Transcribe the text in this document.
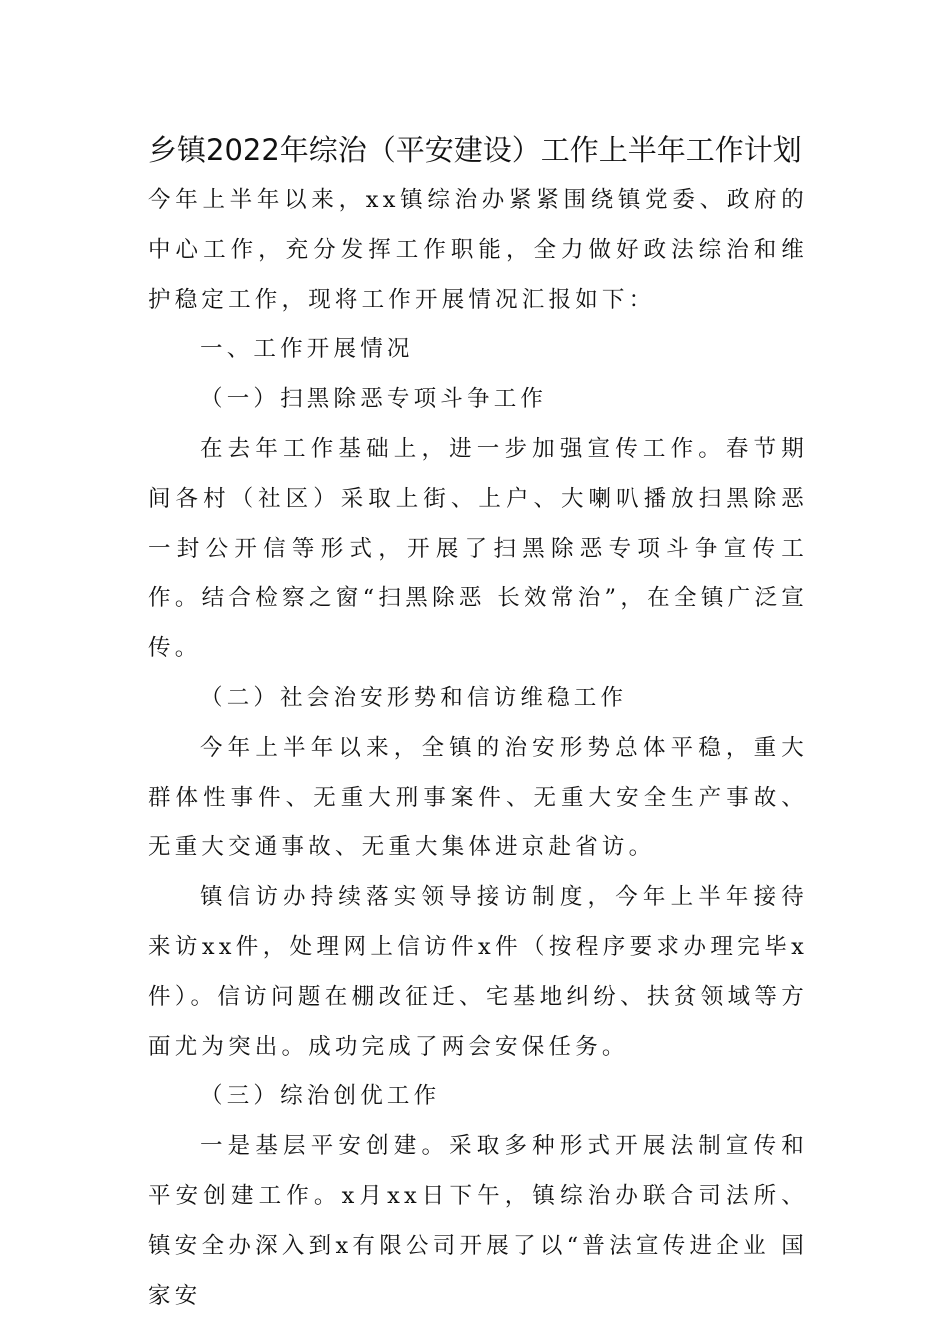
乡镇2022年综治（平安建设）工作上半年工作计划

今年上半年以来，xx镇综治办紧紧围绕镇党委、政府的中心工作，充分发挥工作职能，全力做好政法综治和维护稳定工作，现将工作开展情况汇报如下：

一、工作开展情况

（一）扫黑除恶专项斗争工作

在去年工作基础上，进一步加强宣传工作。春节期间各村（社区）采取上街、上户、大喇叭播放扫黑除恶一封公开信等形式，开展了扫黑除恶专项斗争宣传工作。结合检察之窗“扫黑除恶 长效常治”，在全镇广泛宣传。

（二）社会治安形势和信访维稳工作

今年上半年以来，全镇的治安形势总体平稳，重大群体性事件、无重大刑事案件、无重大安全生产事故、无重大交通事故、无重大集体进京赴省访。

镇信访办持续落实领导接访制度，今年上半年接待来访xx件，处理网上信访件x件（按程序要求办理完毕x件）。信访问题在棚改征迁、宅基地纠纷、扶贫领域等方面尤为突出。成功完成了两会安保任务。

（三）综治创优工作

一是基层平安创建。采取多种形式开展法制宣传和平安创建工作。x月xx日下午，镇综治办联合司法所、镇安全办深入到x有限公司开展了以“普法宣传进企业 国家安
